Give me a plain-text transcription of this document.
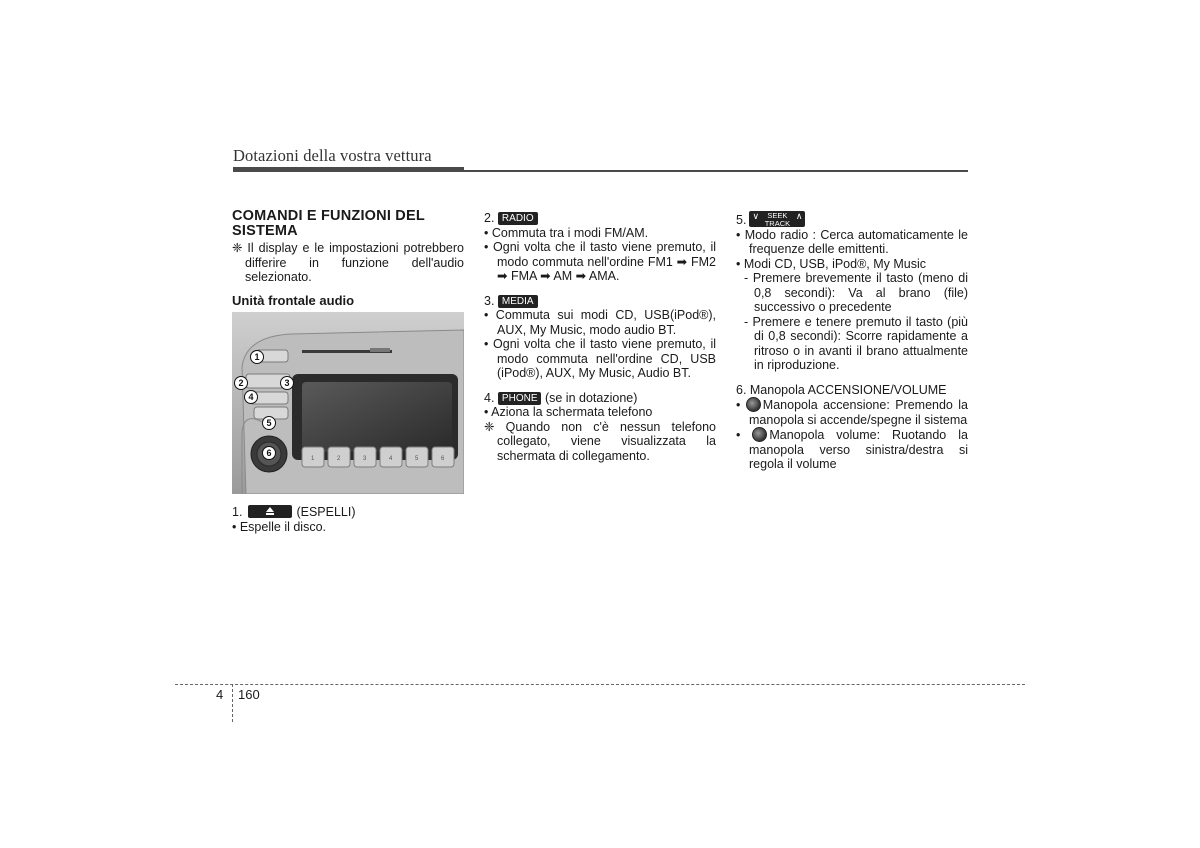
Dotazioni della vostra vettura

COMANDI E FUNZIONI DEL SISTEMA

❈ Il display e le impostazioni potrebbero differire in funzione dell'audio selezionato.

Unità frontale audio

1	2	3	4	5	6
1
2	3
4
5
6

1.	(ESPELLI)

• Espelle il disco.

2. RADIO

• Commuta tra i modi FM/AM.

• Ogni volta che il tasto viene premuto, il modo commuta nell'ordine FM1 ➡ FM2 ➡ FMA ➡ AM ➡ AMA.

3. MEDIA

• Commuta sui modi CD, USB(iPod®), AUX, My Music, modo audio BT.

• Ogni volta che il tasto viene premuto, il modo commuta nell'ordine CD, USB (iPod®), AUX, My Music, Audio BT.

4. PHONE (se in dotazione)

• Aziona la schermata telefono

❈ Quando non c'è nessun telefono collegato, viene visualizzata la schermata di collegamento.

5. ∨	SEEK
TRACK
∧

• Modo radio : Cerca automaticamente le frequenze delle emittenti.

• Modi CD, USB, iPod®, My Music

- Premere brevemente il tasto (meno di 0,8 secondi): Va al brano (file) successivo o precedente

- Premere e tenere premuto il tasto (più di 0,8 secondi): Scorre rapidamente a ritroso o in avanti il brano attualmente in riproduzione.

6. Manopola ACCENSIONE/VOLUME

• Manopola accensione: Premendo la manopola si accende/spegne il sistema

• Manopola volume: Ruotando la manopola verso sinistra/destra si regola il volume

4 160
